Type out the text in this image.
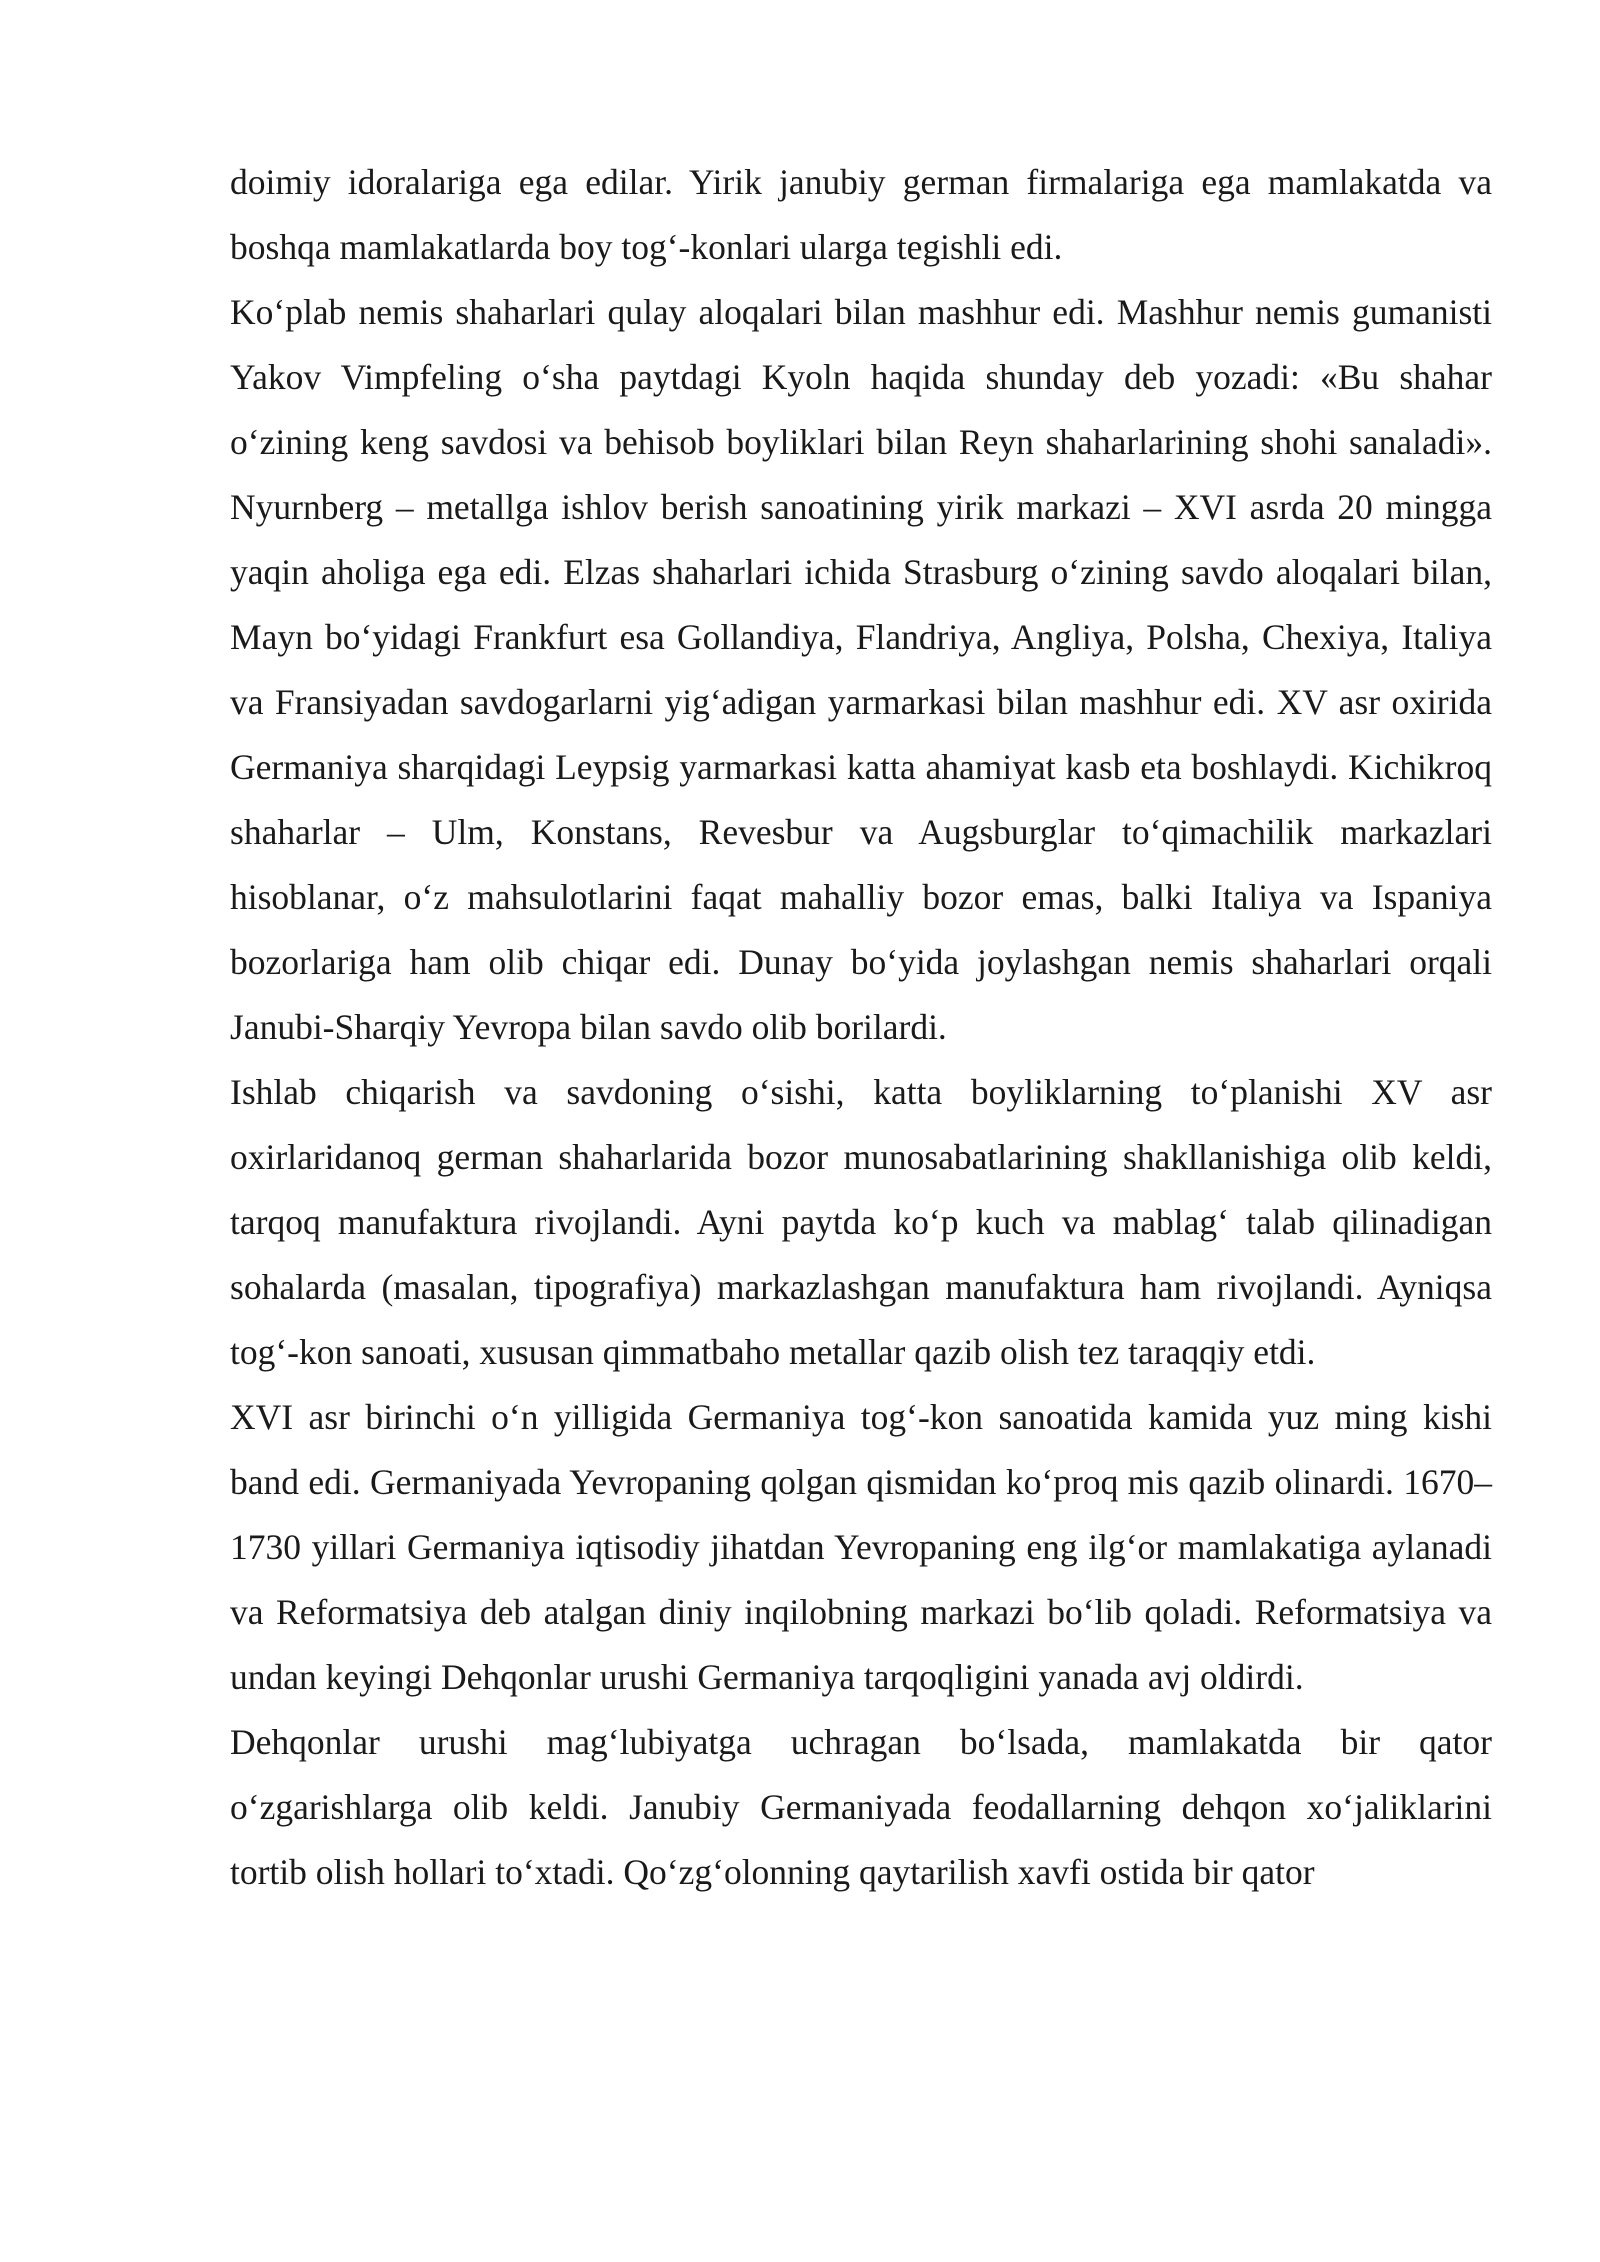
doimiy idoralariga ega edilar. Yirik janubiy german firmalariga ega mamlakatda va boshqa mamlakatlarda boy tog‘-konlari ularga tegishli edi.

Ko‘plab nemis shaharlari qulay aloqalari bilan mashhur edi. Mashhur nemis gumanisti Yakov Vimpfeling o‘sha paytdagi Kyoln haqida shunday deb yozadi: «Bu shahar o‘zining keng savdosi va behisob boyliklari bilan Reyn shaharlarining shohi sanaladi». Nyurnberg – metallga ishlov berish sanoatining yirik markazi – XVI asrda 20 mingga yaqin aholiga ega edi. Elzas shaharlari ichida Strasburg o‘zining savdo aloqalari bilan, Mayn bo‘yidagi Frankfurt esa Gollandiya, Flandriya, Angliya, Polsha, Chexiya, Italiya va Fransiyadan savdogarlarni yig‘adigan yarmarkasi bilan mashhur edi. XV asr oxirida Germaniya sharqidagi Leypsig yarmarkasi katta ahamiyat kasb eta boshlaydi. Kichikroq shaharlar – Ulm, Konstans, Revesbur va Augsburglar to‘qimachilik markazlari hisoblanar, o‘z mahsulotlarini faqat mahalliy bozor emas, balki Italiya va Ispaniya bozorlariga ham olib chiqar edi. Dunay bo‘yida joylashgan nemis shaharlari orqali Janubi-Sharqiy Yevropa bilan savdo olib borilardi.

Ishlab chiqarish va savdoning o‘sishi, katta boyliklarning to‘planishi XV asr oxirlaridanoq german shaharlarida bozor munosabatlarining shakllanishiga olib keldi, tarqoq manufaktura rivojlandi. Ayni paytda ko‘p kuch va mablag‘ talab qilinadigan sohalarda (masalan, tipografiya) markazlashgan manufaktura ham rivojlandi. Ayniqsa tog‘-kon sanoati, xususan qimmatbaho metallar qazib olish tez taraqqiy etdi.

XVI asr birinchi o‘n yilligida Germaniya tog‘-kon sanoatida kamida yuz ming kishi band edi. Germaniyada Yevropaning qolgan qismidan ko‘proq mis qazib olinardi. 1670–1730 yillari Germaniya iqtisodiy jihatdan Yevropaning eng ilg‘or mamlakatiga aylanadi va Reformatsiya deb atalgan diniy inqilobning markazi bo‘lib qoladi. Reformatsiya va undan keyingi Dehqonlar urushi Germaniya tarqoqligini yanada avj oldirdi.

Dehqonlar urushi mag‘lubiyatga uchragan bo‘lsada, mamlakatda bir qator o‘zgarishlarga olib keldi. Janubiy Germaniyada feodallarning dehqon xo‘jaliklarini tortib olish hollari to‘xtadi. Qo‘zg‘olonning qaytarilish xavfi ostida bir qator
